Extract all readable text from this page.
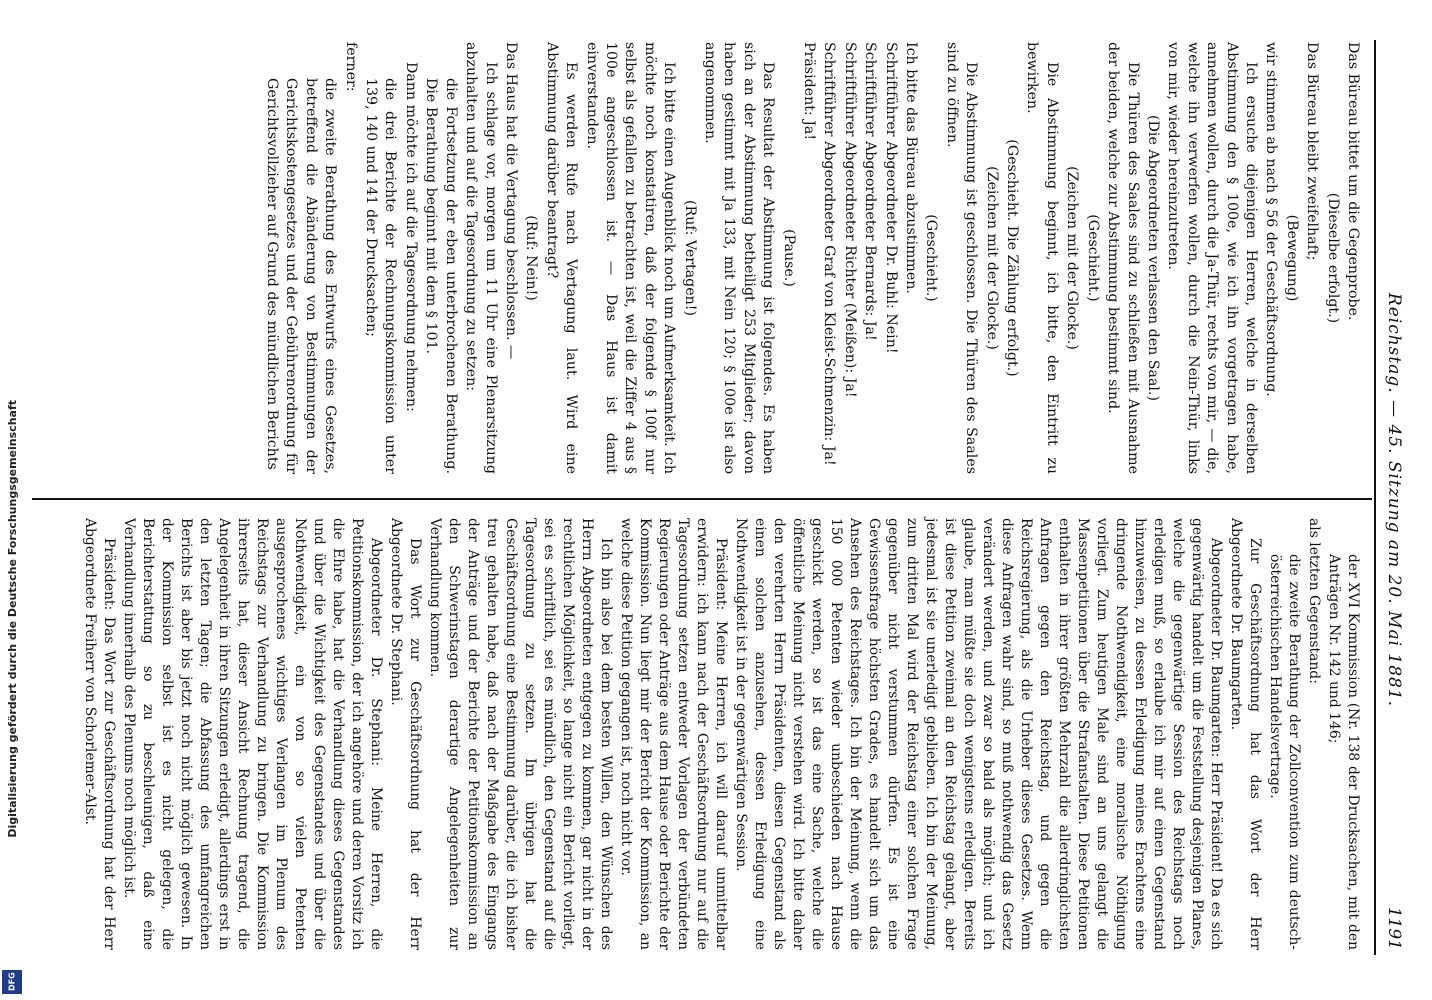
Reichstag. — 45. Sitzung am 20. Mai 1881.
1191

Das Büreau bittet um die Gegenprobe.

(Dieselbe erfolgt.)

Das Büreau bleibt zweifelhaft;

(Bewegung)

wir stimmen ab nach § 56 der Geschäftsordnung.

Ich ersuche diejenigen Herren, welche in derselben Abstimmung den § 100e, wie ich ihn vorgetragen habe, annehmen wollen, durch die Ja-Thür, rechts von mir, — die, welche ihn verwerfen wollen, durch die Nein-Thür, links von mir, wieder hereinzutreten.

(Die Abgeordneten verlassen den Saal.)

Die Thüren des Saales sind zu schließen mit Ausnahme der beiden, welche zur Abstimmung bestimmt sind.

(Geschieht.)

(Zeichen mit der Glocke.)

Die Abstimmung beginnt, ich bitte, den Eintritt zu bewirken.

(Geschieht. Die Zählung erfolgt.)

(Zeichen mit der Glocke.)

Die Abstimmung ist geschlossen. Die Thüren des Saales sind zu öffnen.

(Geschieht.)

Ich bitte das Büreau abzustimmen.

Schriftführer Abgeordneter Dr. Buhl: Nein!

Schriftführer Abgeordneter Bernards: Ja!

Schriftführer Abgeordneter Richter (Meißen): Ja!

Schriftführer Abgeordneter Graf von Kleist-Schmenzin: Ja!

Präsident: Ja!

(Pause.)

Das Resultat der Abstimmung ist folgendes. Es haben sich an der Abstimmung betheiligt 253 Mitglieder; davon haben gestimmt mit Ja 133, mit Nein 120; § 100e ist also angenommen.

(Ruf: Vertagen!)

Ich bitte einen Augenblick noch um Aufmerksamkeit. Ich möchte noch konstatiren, daß der folgende § 100f nur selbst als gefallen zu betrachten ist, weil die Ziffer 4 aus § 100e angeschlossen ist. — Das Haus ist damit einverstanden.

Es werden Rufe nach Vertagung laut. Wird eine Abstimmung darüber beantragt?

(Ruf: Nein!)

Das Haus hat die Vertagung beschlossen. —

Ich schlage vor, morgen um 11 Uhr eine Plenarsitzung abzuhalten und auf die Tagesordnung zu setzen:

die Fortsetzung der eben unterbrochenen Berathung. Die Berathung beginnt mit dem § 101.

Dann möchte ich auf die Tagesordnung nehmen:

die drei Berichte der Rechnungskommission unter 139, 140 und 141 der Drucksachen;

ferner:

die zweite Berathung des Entwurfs eines Gesetzes, betreffend die Abänderung von Bestimmungen der Gerichtskostengesetzes und der Gebührenordnung für Gerichtsvollzieher auf Grund des mündlichen Berichts

der XVI Kommission (Nr. 138 der Drucksachen, mit den Anträgen Nr. 142 und 146;

als letzten Gegenstand:

die zweite Berathung der Zollconvention zum deutsch-österreichischen Handelsvertrage.

Zur Geschäftsordnung hat das Wort der Herr Abgeordnete Dr. Baumgarten.

Abgeordneter Dr. Baumgarten: Herr Präsident! Da es sich gegenwärtig handelt um die Feststellung desjenigen Planes, welche die gegenwärtige Session des Reichstags noch erledigen muß, so erlaube ich mir auf einen Gegenstand hinzuweisen, zu dessen Erledigung meines Erachtens eine dringende Nothwendigkeit, eine moralische Nöthigung vorliegt. Zum heutigen Male sind an uns gelangt die Massenpetitionen über die Strafanstalten. Diese Petitionen enthalten in ihrer größten Mehrzahl die allerdringlichsten Anfragen gegen den Reichstag, und gegen die Reichsregierung, als die Urheber dieses Gesetzes. Wenn diese Anfragen wahr sind, so muß nothwendig das Gesetz verändert werden, und zwar so bald als möglich; und ich glaube, man müßte sie doch wenigstens erledigen. Bereits ist diese Petition zweimal an den Reichstag gelangt, aber jedesmal ist sie unerledigt geblieben. Ich bin der Meinung, zum dritten Mal wird der Reichstag einer solchen Frage gegenüber nicht verstummen dürfen. Es ist eine Gewissensfrage höchsten Grades, es handelt sich um das Ansehen des Reichstages. Ich bin der Meinung, wenn die 150 000 Petenten wieder unbeschieden nach Hause geschickt werden, so ist das eine Sache, welche die öffentliche Meinung nicht verstehen wird. Ich bitte daher den verehrten Herrn Präsidenten, diesen Gegenstand als einen solchen anzusehen, dessen Erledigung eine Nothwendigkeit ist in der gegenwärtigen Session.

Präsident: Meine Herren, ich will darauf unmittelbar erwidern: ich kann nach der Geschäftsordnung nur auf die Tagesordnung setzen entweder Vorlagen der verbündeten Regierungen oder Anträge aus dem Hause oder Berichte der Kommission. Nun liegt mir der Bericht der Kommission, an welche diese Petition gegangen ist, noch nicht vor.

Ich bin also bei dem besten Willen, den Wünschen des Herrn Abgeordneten entgegen zu kommen, gar nicht in der rechtlichen Möglichkeit, so lange nicht ein Bericht vorliegt, sei es schriftlich, sei es mündlich, den Gegenstand auf die Tagesordnung zu setzen. Im übrigen hat die Geschäftsordnung eine Bestimmung darüber, die ich bisher treu gehalten habe, daß nach der Maßgabe des Eingangs der Anträge und der Berichte der Petitionskommission an den Schwerinstagen derartige Angelegenheiten zur Verhandlung kommen.

Das Wort zur Geschäftsordnung hat der Herr Abgeordnete Dr. Stephani.

Abgeordneter Dr. Stephani: Meine Herren, die Petitionskommission, der ich angehöre und deren Vorsitz ich die Ehre habe, hat die Verhandlung dieses Gegenstandes und über die Wichtigkeit des Gegenstandes und über die Nothwendigkeit, ein von so vielen Petenten ausgesprochenes wichtiges Verlangen im Plenum des Reichstags zur Verhandlung zu bringen. Die Kommission ihrerseits hat, dieser Ansicht Rechnung tragend, die Angelegenheit in ihren Sitzungen erledigt, allerdings erst in den letzten Tagen; die Abfassung des umfangreichen Berichts ist aber bis jetzt noch nicht möglich gewesen. In der Kommission selbst ist es nicht gelegen, die Berichterstattung so zu beschleunigen, daß eine Verhandlung innerhalb des Plenums noch möglich ist.

Präsident: Das Wort zur Geschäftsordnung hat der Herr Abgeordnete Freiherr von Schorlemer-Alst.

Digitalisierung gefördert durch die Deutsche Forschungsgemeinschaft
DFG
